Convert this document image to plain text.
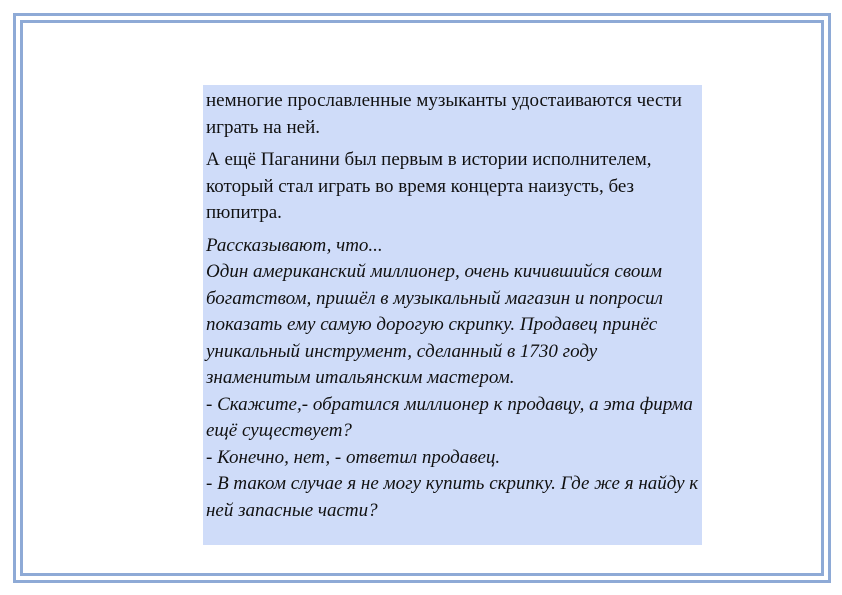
немногие прославленные музыканты удостаиваются чести играть на ней.

А ещё Паганини был первым в истории исполнителем, который стал играть во время концерта наизусть, без пюпитра.

Рассказывают, что...

Один американский миллионер, очень кичившийся своим богатством, пришёл в музыкальный магазин и попросил показать ему самую дорогую скрипку. Продавец принёс уникальный инструмент, сделанный в 1730 году знаменитым итальянским мастером.

- Скажите,- обратился миллионер к продавцу, а эта фирма ещё существует?

- Конечно, нет, - ответил продавец.

- В таком случае я не могу купить скрипку. Где же я найду к ней запасные части?
